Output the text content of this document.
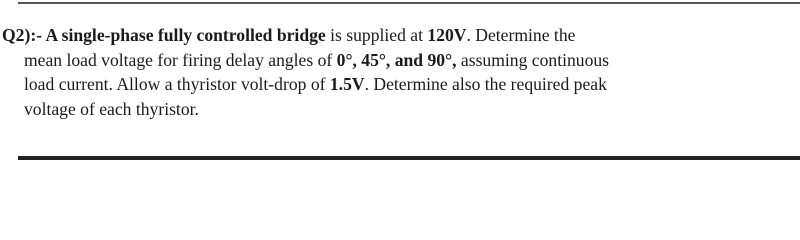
Q2):- A single-phase fully controlled bridge is supplied at 120V. Determine the
mean load voltage for firing delay angles of 0°, 45°, and 90°, assuming continuous
load current. Allow a thyristor volt-drop of 1.5V. Determine also the required peak
voltage of each thyristor.
